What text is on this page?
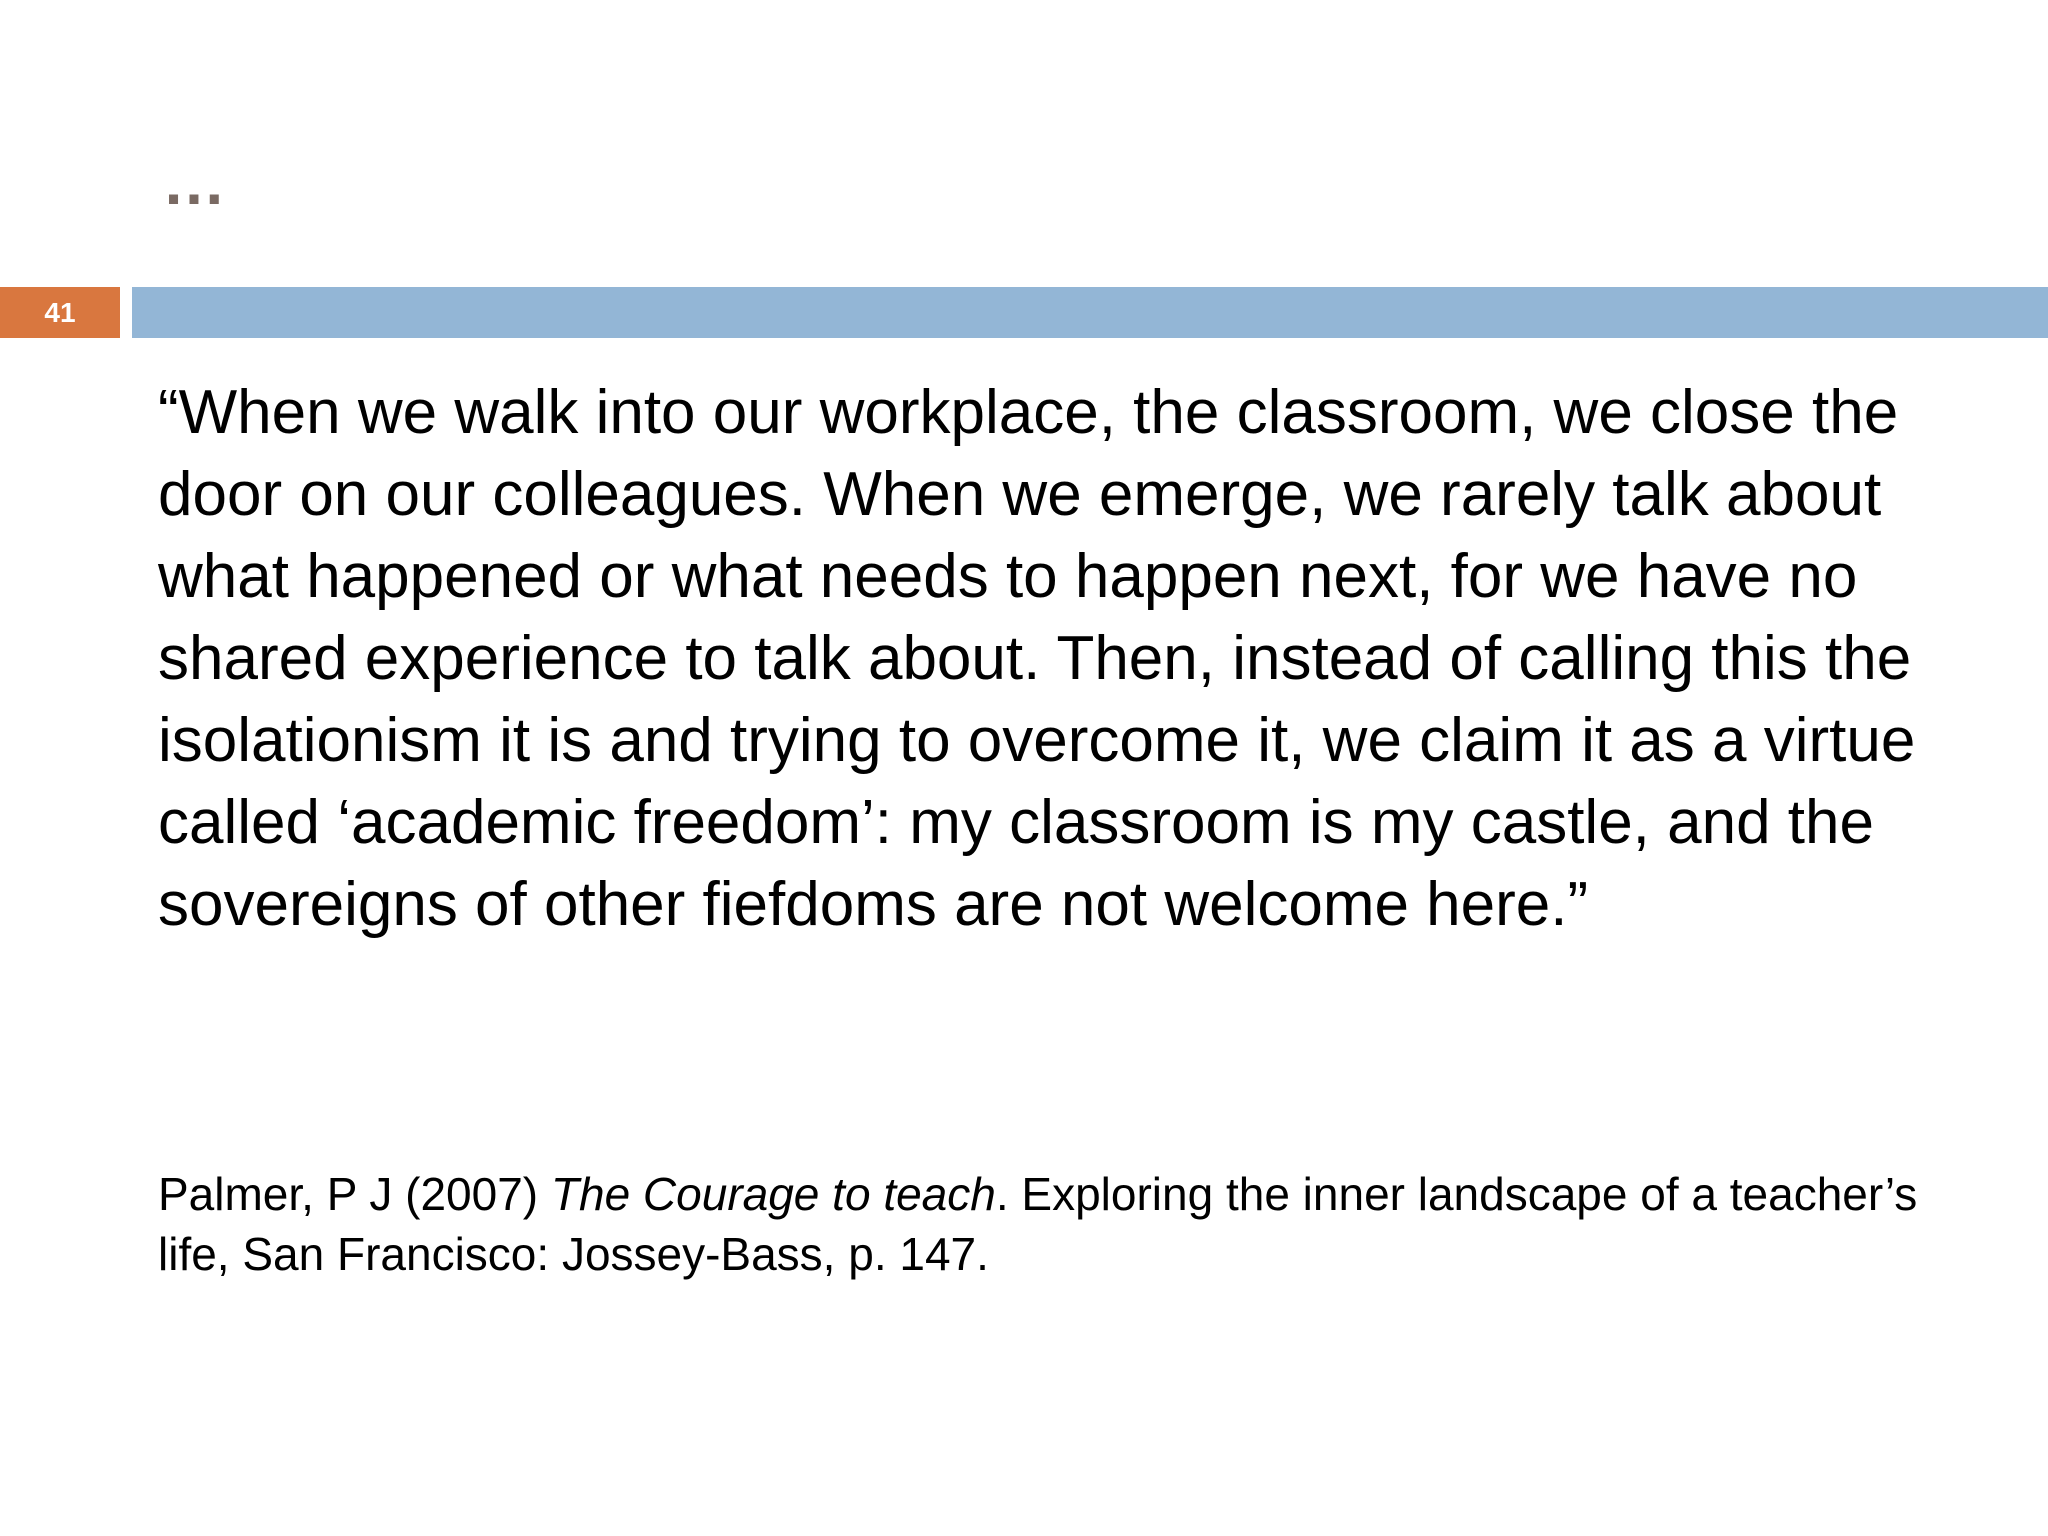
…
41

“When we walk into our workplace, the classroom, we close the door on our colleagues. When we emerge, we rarely talk about what happened or what needs to happen next, for we have no shared experience to talk about. Then, instead of calling this the isolationism it is and trying to overcome it, we claim it as a virtue called ‘academic freedom’: my classroom is my castle, and the sovereigns of other fiefdoms are not welcome here.”

Palmer, P J (2007) The Courage to teach. Exploring the inner landscape of a teacher’s life, San Francisco: Jossey-Bass, p. 147.
